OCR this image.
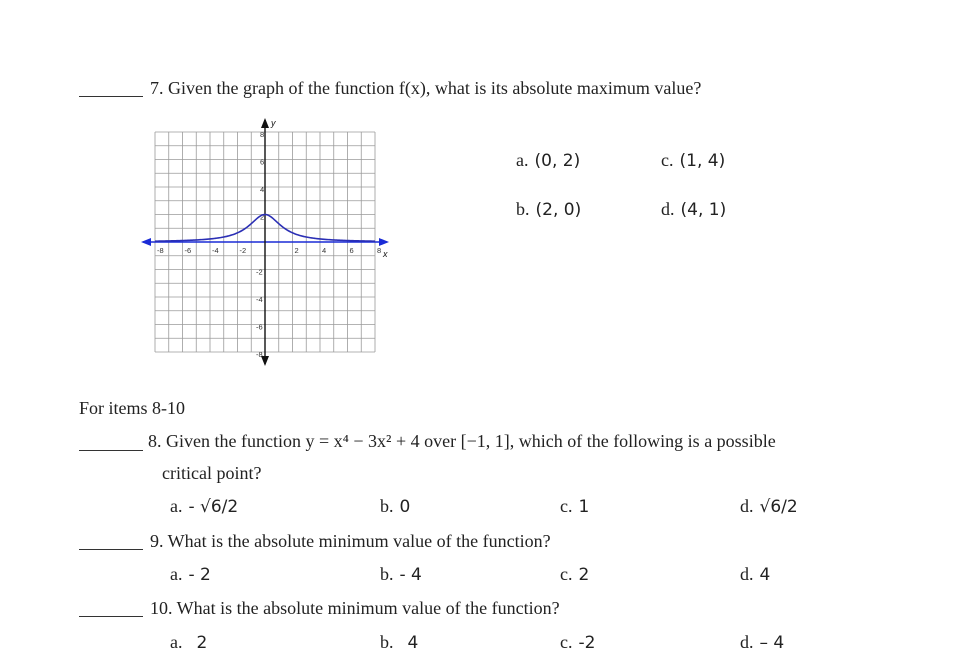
7. Given the graph of the function f(x), what is its absolute maximum value?
x
y
-8	-6	-4	-2	2	4	6	8
8
6
4
2
-2
-4
-6
-8
a. (0, 2)	c. (1, 4)
b. (2, 0)	d. (4, 1)
For items 8-10
8. Given the function y = x⁴ − 3x² + 4 over [−1, 1], which of the following is a possible
critical point?
a. - √6/2	b. 0	c. 1	d. √6/2
9. What is the absolute minimum value of the function?
a. - 2	b. - 4	c. 2	d. 4
10. What is the absolute minimum value of the function?
a. 2	b. 4	c. -2	d. – 4
